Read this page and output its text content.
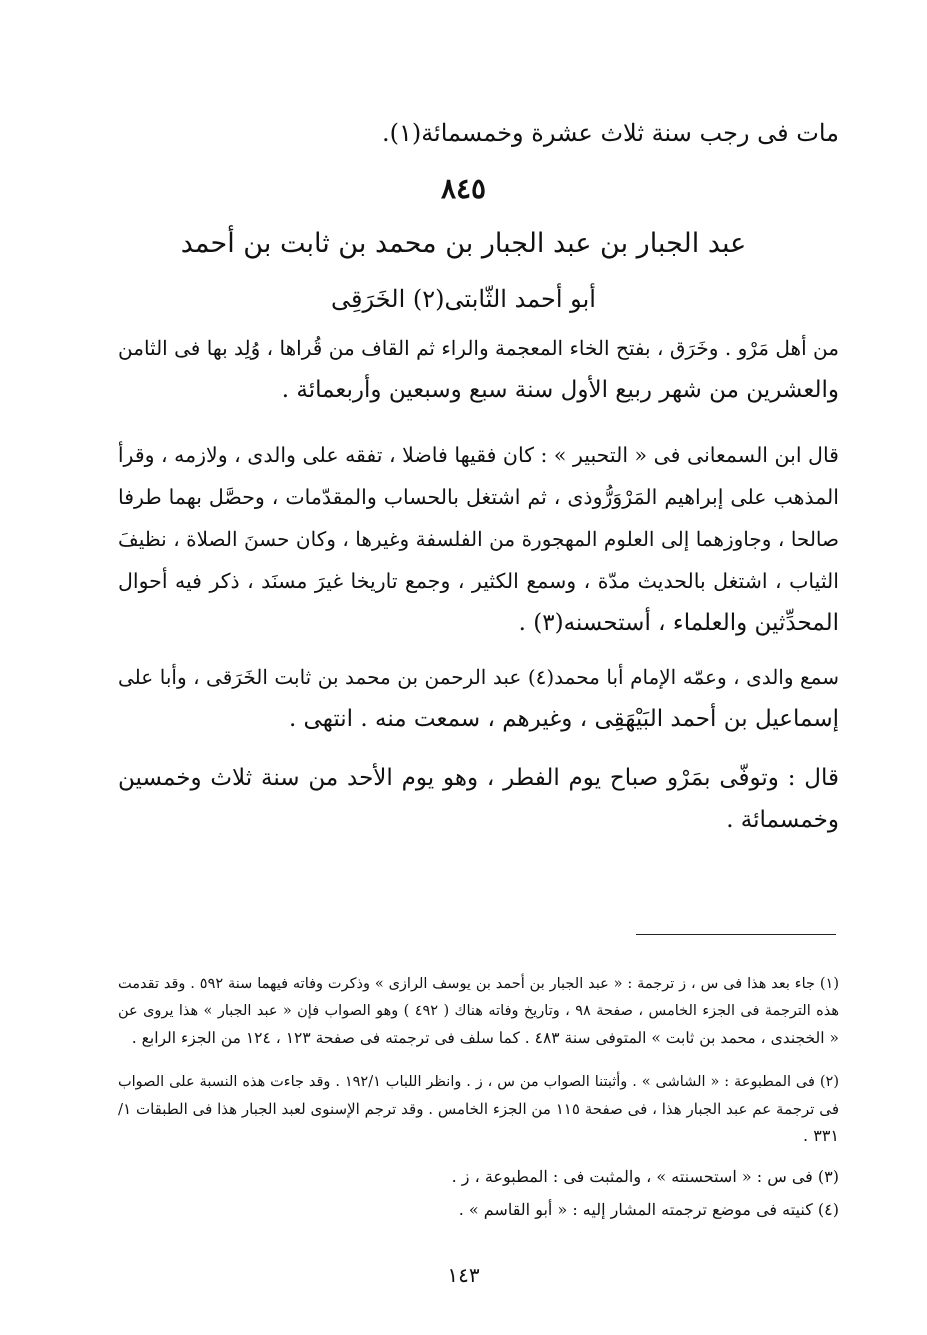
مات فى رجب سنة ثلاث عشرة وخمسمائة(١).
٨٤٥
عبد الجبار بن عبد الجبار بن محمد بن ثابت بن أحمد
أبو أحمد الثّابتى(٢) الخَرَقِى
من أهل مَرْو . وخَرَق ، بفتح الخاء المعجمة والراء ثم القاف من قُراها ، وُلِد بها فى الثامن
والعشرين من شهر ربيع الأول سنة سبع وسبعين وأربعمائة .
قال ابن السمعانى فى « التحبير » : كان فقيها فاضلا ، تفقه على والدى ، ولازمه ، وقرأ
المذهب على إبراهيم المَرْوَرُّوذى ، ثم اشتغل بالحساب والمقدّمات ، وحصَّل بهما طرفا
صالحا ، وجاوزهما إلى العلوم المهجورة من الفلسفة وغيرها ، وكان حسنَ الصلاة ، نظيفَ
الثياب ، اشتغل بالحديث مدّة ، وسمع الكثير ، وجمع تاريخا غيرَ مسنَد ، ذكر فيه أحوال
المحدِّثين والعلماء ، أستحسنه(٣) .
سمع والدى ، وعمّه الإمام أبا محمد(٤) عبد الرحمن بن محمد بن ثابت الخَرَقى ، وأبا على
إسماعيل بن أحمد البَيْهَقِى ، وغيرهم ، سمعت منه . انتهى .
قال : وتوفّى بمَرْو صباح يوم الفطر ، وهو يوم الأحد من سنة ثلاث وخمسين
وخمسمائة .
(١) جاء بعد هذا فى س ، ز ترجمة : « عبد الجبار بن أحمد بن يوسف الرازى » وذكرت وفاته فيهما سنة ٥٩٢ . وقد تقدمت
هذه الترجمة فى الجزء الخامس ، صفحة ٩٨ ، وتاريخ وفاته هناك ( ٤٩٢ ) وهو الصواب فإن « عبد الجبار » هذا يروى عن
« الخجندى ، محمد بن ثابت » المتوفى سنة ٤٨٣ . كما سلف فى ترجمته فى صفحة ١٢٣ ، ١٢٤ من الجزء الرابع .
(٢) فى المطبوعة : « الشاشى » . وأثبتنا الصواب من س ، ز . وانظر اللباب ١٩٢/١ . وقد جاءت هذه النسبة على الصواب
فى ترجمة عم عبد الجبار هذا ، فى صفحة ١١٥ من الجزء الخامس . وقد ترجم الإسنوى لعبد الجبار هذا فى الطبقات ١/
٣٣١ .
(٣) فى س : « استحسنته » ، والمثبت فى : المطبوعة ، ز .
(٤) كنيته فى موضع ترجمته المشار إليه : « أبو القاسم » .
١٤٣
